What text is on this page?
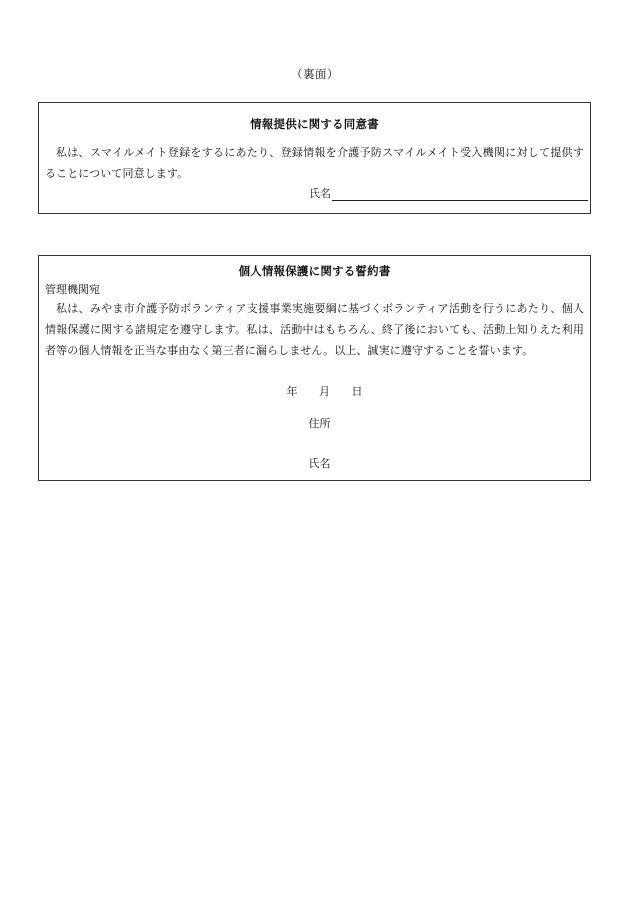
（裏面）
情報提供に関する同意書
私は、スマイルメイト登録をするにあたり、登録情報を介護予防スマイルメイト受入機関に対して提供することについて同意します。
氏名
個人情報保護に関する誓約書
管理機関宛
私は、みやま市介護予防ボランティア支援事業実施要綱に基づくボランティア活動を行うにあたり、個人情報保護に関する諸規定を遵守します。私は、活動中はもちろん、終了後においても、活動上知りえた利用者等の個人情報を正当な事由なく第三者に漏らしません。以上、誠実に遵守することを誓います。
年 月 日
住所
氏名
